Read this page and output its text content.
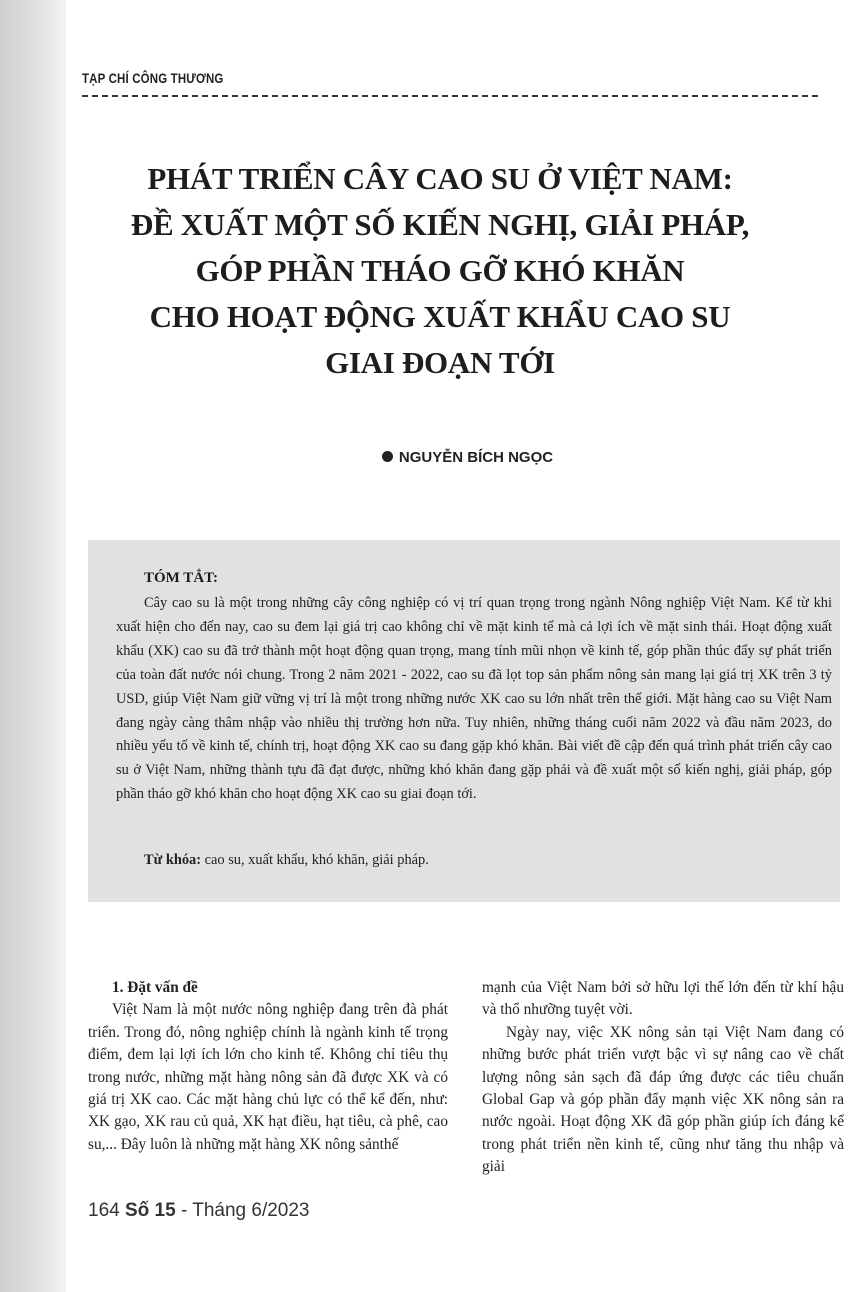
TẠP CHÍ CÔNG THƯƠNG
PHÁT TRIỂN CÂY CAO SU Ở VIỆT NAM:
ĐỀ XUẤT MỘT SỐ KIẾN NGHỊ, GIẢI PHÁP,
GÓP PHẦN THÁO GỠ KHÓ KHĂN
CHO HOẠT ĐỘNG XUẤT KHẨU CAO SU
GIAI ĐOẠN TỚI
NGUYỄN BÍCH NGỌC
TÓM TẮT:
Cây cao su là một trong những cây công nghiệp có vị trí quan trọng trong ngành Nông nghiệp Việt Nam. Kể từ khi xuất hiện cho đến nay, cao su đem lại giá trị cao không chỉ về mặt kinh tế mà cả lợi ích về mặt sinh thái. Hoạt động xuất khẩu (XK) cao su đã trở thành một hoạt động quan trọng, mang tính mũi nhọn về kinh tế, góp phần thúc đẩy sự phát triển của toàn đất nước nói chung. Trong 2 năm 2021 - 2022, cao su đã lọt top sản phẩm nông sản mang lại giá trị XK trên 3 tỷ USD, giúp Việt Nam giữ vững vị trí là một trong những nước XK cao su lớn nhất trên thế giới. Mặt hàng cao su Việt Nam đang ngày càng thâm nhập vào nhiều thị trường hơn nữa. Tuy nhiên, những tháng cuối năm 2022 và đầu năm 2023, do nhiều yếu tố về kinh tế, chính trị, hoạt động XK cao su đang gặp khó khăn. Bài viết đề cập đến quá trình phát triển cây cao su ở Việt Nam, những thành tựu đã đạt được, những khó khăn đang gặp phải và đề xuất một số kiến nghị, giải pháp, góp phần tháo gỡ khó khăn cho hoạt động XK cao su giai đoạn tới.
Từ khóa: cao su, xuất khẩu, khó khăn, giải pháp.

1. Đặt vấn đề

Việt Nam là một nước nông nghiệp đang trên đà phát triển. Trong đó, nông nghiệp chính là ngành kinh tế trọng điểm, đem lại lợi ích lớn cho kinh tế. Không chỉ tiêu thụ trong nước, những mặt hàng nông sản đã được XK và có giá trị XK cao. Các mặt hàng chủ lực có thể kể đến, như: XK gạo, XK rau củ quả, XK hạt điều, hạt tiêu, cà phê, cao su,... Đây luôn là những mặt hàng XK nông sảnthế

mạnh của Việt Nam bởi sở hữu lợi thế lớn đến từ khí hậu và thổ nhưỡng tuyệt vời.

Ngày nay, việc XK nông sản tại Việt Nam đang có những bước phát triển vượt bậc vì sự nâng cao về chất lượng nông sản sạch đã đáp ứng được các tiêu chuẩn Global Gap và góp phần đẩy mạnh việc XK nông sản ra nước ngoài. Hoạt động XK đã góp phần giúp ích đáng kể trong phát triển nền kinh tế, cũng như tăng thu nhập và giải

164 Số 15 - Tháng 6/2023
